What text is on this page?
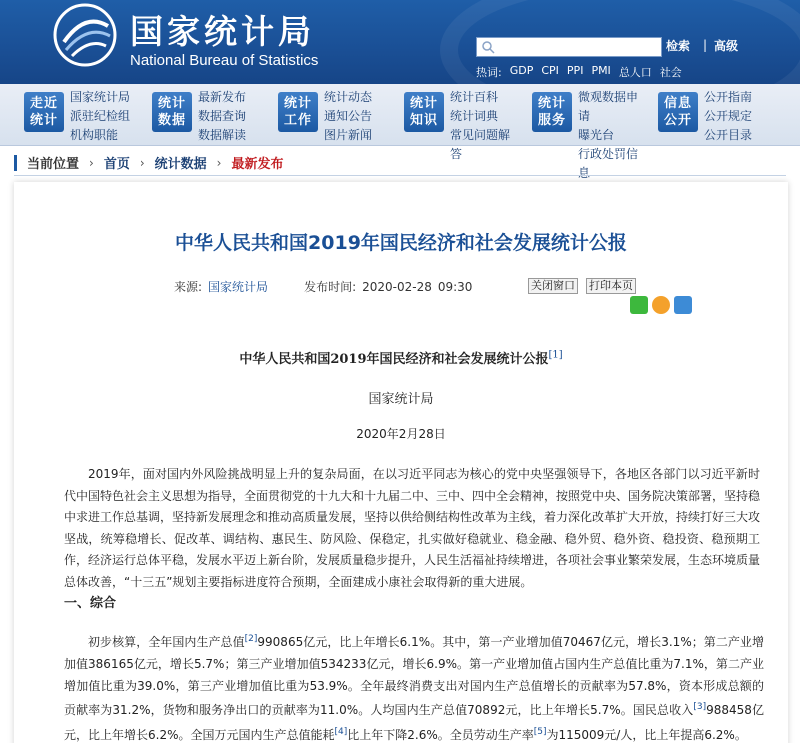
国家统计局
National Bureau of Statistics
检索 | 高级
热词: GDP CPI PPI PMI 总人口 社会
走近
统计
国家统计局
派驻纪检组
机构职能
统计
数据
最新发布
数据查询
数据解读
统计
工作
统计动态
通知公告
图片新闻
统计
知识
统计百科
统计词典
常见问题解
答
统计
服务
微观数据申
请
曝光台
行政处罚信
息
信息
公开
公开指南
公开规定
公开目录
当前位置 › 首页 › 统计数据 › 最新发布
中华人民共和国2019年国民经济和社会发展统计公报
来源: 国家统计局	发布时间: 2020-02-28 09:30	关闭窗口 打印本页
中华人民共和国2019年国民经济和社会发展统计公报[1]
国家统计局
2020年2月28日

2019年，面对国内外风险挑战明显上升的复杂局面，在以习近平同志为核心的党中央坚强领导下，各地区各部门以习近平新时代中国特色社会主义思想为指导，全面贯彻党的十九大和十九届二中、三中、四中全会精神，按照党中央、国务院决策部署，坚持稳中求进工作总基调，坚持新发展理念和推动高质量发展，坚持以供给侧结构性改革为主线，着力深化改革扩大开放，持续打好三大攻坚战，统筹稳增长、促改革、调结构、惠民生、防风险、保稳定，扎实做好稳就业、稳金融、稳外贸、稳外资、稳投资、稳预期工作，经济运行总体平稳，发展水平迈上新台阶，发展质量稳步提升，人民生活福祉持续增进，各项社会事业繁荣发展，生态环境质量总体改善，“十三五”规划主要指标进度符合预期，全面建成小康社会取得新的重大进展。

一、综合

初步核算，全年国内生产总值[2]990865亿元，比上年增长6.1%。其中，第一产业增加值70467亿元，增长3.1%；第二产业增加值386165亿元，增长5.7%；第三产业增加值534233亿元，增长6.9%。第一产业增加值占国内生产总值比重为7.1%，第二产业增加值比重为39.0%，第三产业增加值比重为53.9%。全年最终消费支出对国内生产总值增长的贡献率为57.8%，资本形成总额的贡献率为31.2%，货物和服务净出口的贡献率为11.0%。人均国内生产总值70892元，比上年增长5.7%。国民总收入[3]988458亿元，比上年增长6.2%。全国万元国内生产总值能耗[4]比上年下降2.6%。全员劳动生产率[5]为115009元/人，比上年提高6.2%。
